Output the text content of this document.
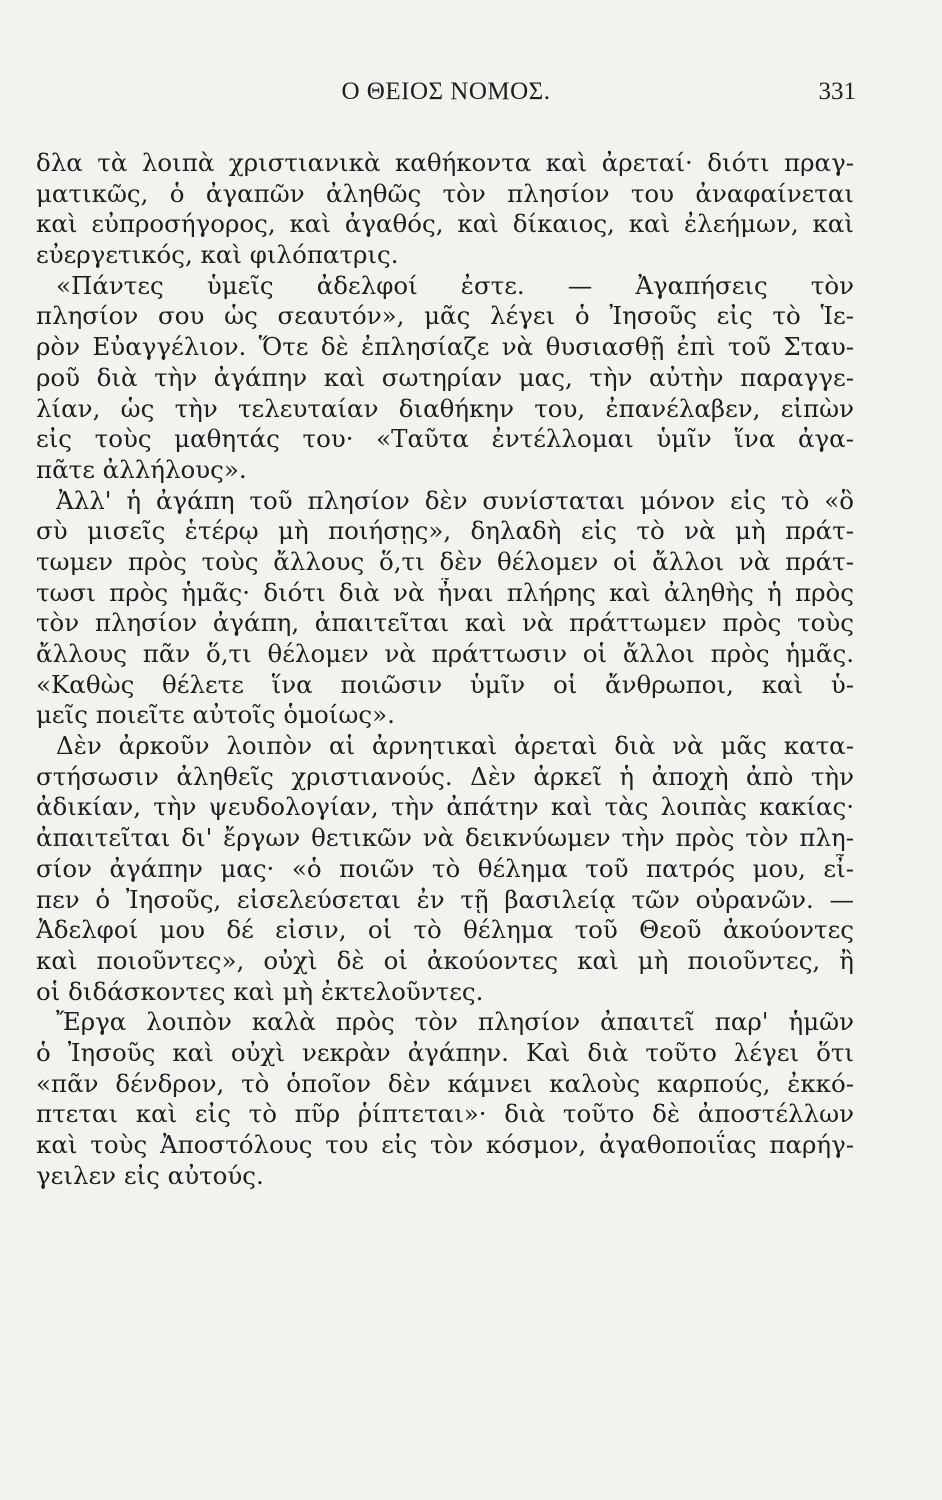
Ο ΘΕΙΟΣ ΝΟΜΟΣ.	331
δλα τὰ λοιπὰ χριστιανικὰ καθήκοντα καὶ ἀρεταί· διότι πραγ-
ματικῶς, ὁ ἀγαπῶν ἀληθῶς τὸν πλησίον του ἀναφαίνεται
καὶ εὐπροσήγορος, καὶ ἀγαθός, καὶ δίκαιος, καὶ ἐλεήμων, καὶ
εὐεργετικός, καὶ φιλόπατρις.
«Πάντες ὑμεῖς ἀδελφοί ἐστε. — Ἀγαπήσεις τὸν
πλησίον σου ὡς σεαυτόν», μᾶς λέγει ὁ Ἰησοῦς εἰς τὸ Ἱε-
ρὸν Εὐαγγέλιον. Ὅτε δὲ ἐπλησίαζε νὰ θυσιασθῇ ἐπὶ τοῦ Σταυ-
ροῦ διὰ τὴν ἀγάπην καὶ σωτηρίαν μας, τὴν αὐτὴν παραγγε-
λίαν, ὡς τὴν τελευταίαν διαθήκην του, ἐπανέλαβεν, εἰπὼν
εἰς τοὺς μαθητάς του· «Ταῦτα ἐντέλλομαι ὑμῖν ἵνα ἀγα-
πᾶτε ἀλλήλους».
Ἀλλ' ἡ ἀγάπη τοῦ πλησίον δὲν συνίσταται μόνον εἰς τὸ «ὃ
σὺ μισεῖς ἑτέρῳ μὴ ποιήσῃς», δηλαδὴ εἰς τὸ νὰ μὴ πράτ-
τωμεν πρὸς τοὺς ἄλλους ὅ,τι δὲν θέλομεν οἱ ἄλλοι νὰ πράτ-
τωσι πρὸς ἡμᾶς· διότι διὰ νὰ ἦναι πλήρης καὶ ἀληθὴς ἡ πρὸς
τὸν πλησίον ἀγάπη, ἀπαιτεῖται καὶ νὰ πράττωμεν πρὸς τοὺς
ἄλλους πᾶν ὅ,τι θέλομεν νὰ πράττωσιν οἱ ἄλλοι πρὸς ἡμᾶς.
«Καθὼς θέλετε ἵνα ποιῶσιν ὑμῖν οἱ ἄνθρωποι, καὶ ὑ-
μεῖς ποιεῖτε αὐτοῖς ὁμοίως».
Δὲν ἀρκοῦν λοιπὸν αἱ ἀρνητικαὶ ἀρεταὶ διὰ νὰ μᾶς κατα-
στήσωσιν ἀληθεῖς χριστιανούς. Δὲν ἀρκεῖ ἡ ἀποχὴ ἀπὸ τὴν
ἀδικίαν, τὴν ψευδολογίαν, τὴν ἀπάτην καὶ τὰς λοιπὰς κακίας·
ἀπαιτεῖται δι' ἔργων θετικῶν νὰ δεικνύωμεν τὴν πρὸς τὸν πλη-
σίον ἀγάπην μας· «ὁ ποιῶν τὸ θέλημα τοῦ πατρός μου, εἶ-
πεν ὁ Ἰησοῦς, εἰσελεύσεται ἐν τῇ βασιλείᾳ τῶν οὐρανῶν. —
Ἀδελφοί μου δέ εἰσιν, οἱ τὸ θέλημα τοῦ Θεοῦ ἀκούοντες
καὶ ποιοῦντες», οὐχὶ δὲ οἱ ἀκούοντες καὶ μὴ ποιοῦντες, ἢ
οἱ διδάσκοντες καὶ μὴ ἐκτελοῦντες.
Ἔργα λοιπὸν καλὰ πρὸς τὸν πλησίον ἀπαιτεῖ παρ' ἡμῶν
ὁ Ἰησοῦς καὶ οὐχὶ νεκρὰν ἀγάπην. Καὶ διὰ τοῦτο λέγει ὅτι
«πᾶν δένδρον, τὸ ὁποῖον δὲν κάμνει καλοὺς καρπούς, ἐκκό-
πτεται καὶ εἰς τὸ πῦρ ῥίπτεται»· διὰ τοῦτο δὲ ἀποστέλλων
καὶ τοὺς Ἀποστόλους του εἰς τὸν κόσμον, ἀγαθοποιΐας παρήγ-
γειλεν εἰς αὐτούς.
